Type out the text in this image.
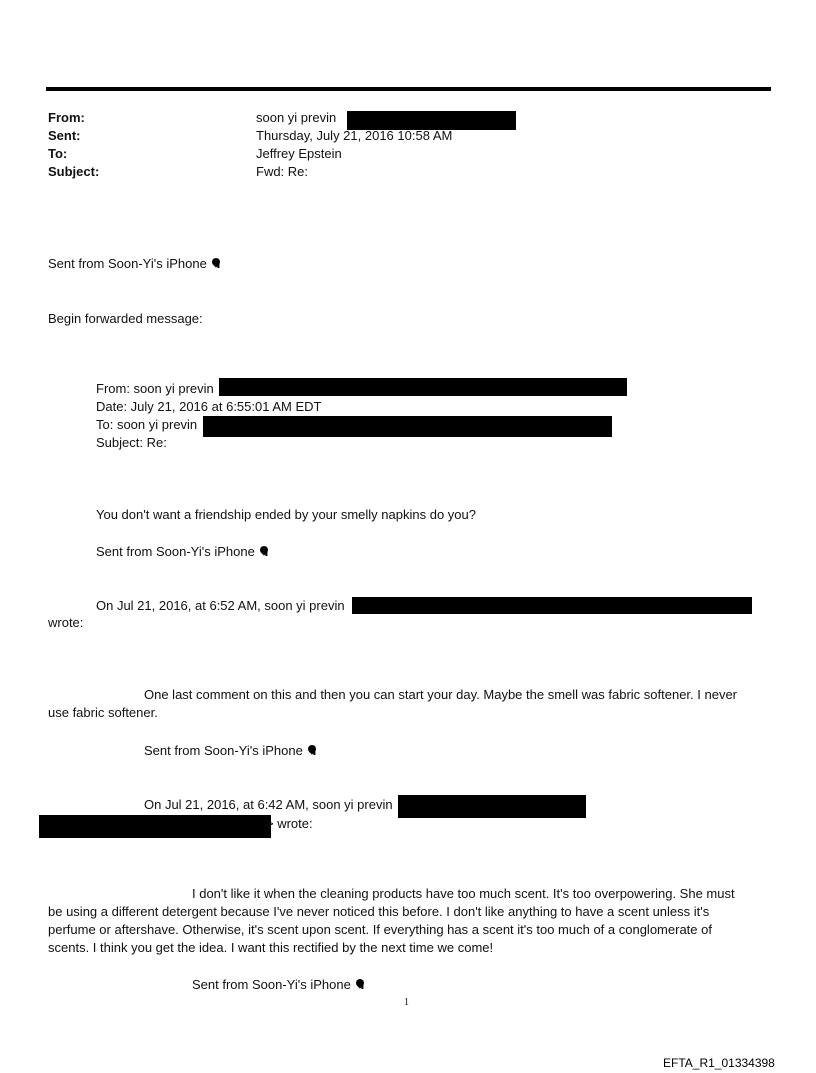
From:	soon yi previn
Sent:	Thursday, July 21, 2016 10:58 AM
To:	Jeffrey Epstein
Subject:	Fwd: Re:
Sent from Soon-Yi's iPhone
Begin forwarded message:
From: soon yi previn
Date: July 21, 2016 at 6:55:01 AM EDT
To: soon yi previn
Subject: Re:
You don't want a friendship ended by your smelly napkins do you?
Sent from Soon-Yi's iPhone
On Jul 21, 2016, at 6:52 AM, soon yi previn
wrote:
One last comment on this and then you can start your day. Maybe the smell was fabric softener. I never
use fabric softener.
Sent from Soon-Yi's iPhone
On Jul 21, 2016, at 6:42 AM, soon yi previn
> wrote:
I don't like it when the cleaning products have too much scent. It's too overpowering. She must
be using a different detergent because I've never noticed this before. I don't like anything to have a scent unless it's
perfume or aftershave. Otherwise, it's scent upon scent. If everything has a scent it's too much of a conglomerate of
scents. I think you get the idea. I want this rectified by the next time we come!
Sent from Soon-Yi's iPhone
1
EFTA_R1_01334398
